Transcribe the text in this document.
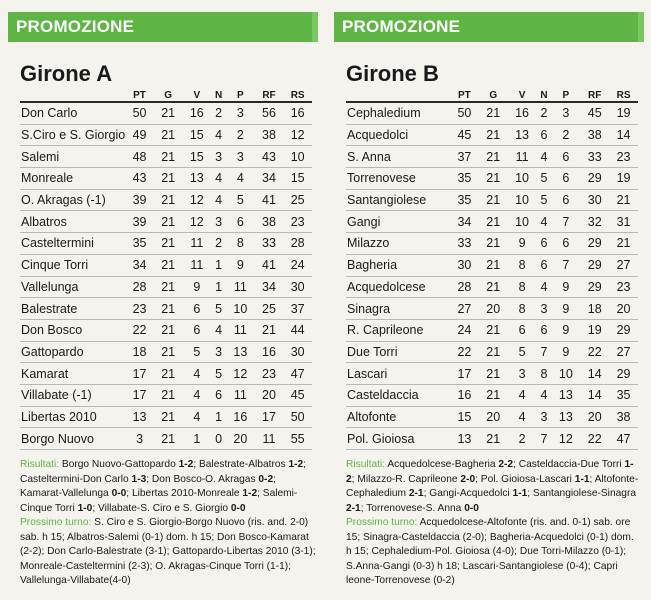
PROMOZIONE
Girone A
	PT	G	V	N	P	RF	RS
Don Carlo	50	21	16	2	3	56	16
S.Ciro e S. Giorgio	49	21	15	4	2	38	12
Salemi	48	21	15	3	3	43	10
Monreale	43	21	13	4	4	34	15
O. Akragas (-1)	39	21	12	4	5	41	25
Albatros	39	21	12	3	6	38	23
Casteltermini	35	21	11	2	8	33	28
Cinque Torri	34	21	11	1	9	41	24
Vallelunga	28	21	9	1	11	34	30
Balestrate	23	21	6	5	10	25	37
Don Bosco	22	21	6	4	11	21	44
Gattopardo	18	21	5	3	13	16	30
Kamarat	17	21	4	5	12	23	47
Villabate (-1)	17	21	4	6	11	20	45
Libertas 2010	13	21	4	1	16	17	50
Borgo Nuovo	3	21	1	0	20	11	55
Risultati: Borgo Nuovo-Gattopardo 1-2; Balestrate-Albatros 1-2; Casteltermini-Don Carlo 1-3; Don Bosco-O. Akragas 0-2; Kamarat-Vallelunga 0-0; Libertas 2010-Monreale 1-2; Salemi-Cinque Torri 1-0; Villabate-S. Ciro e S. Giorgio 0-0
Prossimo turno: S. Ciro e S. Giorgio-Borgo Nuovo (ris. and. 2-0) sab. h 15; Albatros-Salemi (0-1) dom. h 15; Don Bosco-Kamarat (2-2); Don Carlo-Balestrate (3-1); Gattopardo-Libertas 2010 (3-1); Monreale-Casteltermini (2-3); O. Akragas-Cinque Torri (1-1); Vallelunga-Villabate(4-0)
PROMOZIONE
Girone B
	PT	G	V	N	P	RF	RS
Cephaledium	50	21	16	2	3	45	19
Acquedolci	45	21	13	6	2	38	14
S. Anna	37	21	11	4	6	33	23
Torrenovese	35	21	10	5	6	29	19
Santangiolese	35	21	10	5	6	30	21
Gangi	34	21	10	4	7	32	31
Milazzo	33	21	9	6	6	29	21
Bagheria	30	21	8	6	7	29	27
Acquedolcese	28	21	8	4	9	29	23
Sinagra	27	20	8	3	9	18	20
R. Caprileone	24	21	6	6	9	19	29
Due Torri	22	21	5	7	9	22	27
Lascari	17	21	3	8	10	14	29
Casteldaccia	16	21	4	4	13	14	35
Altofonte	15	20	4	3	13	20	38
Pol. Gioiosa	13	21	2	7	12	22	47
Risultati: Acquedolcese-Bagheria 2-2; Casteldaccia-Due Torri 1-2; Milazzo-R. Caprileone 2-0; Pol. Gioiosa-Lascari 1-1; Altofonte-Cephaledium 2-1; Gangi-Acquedolci 1-1; Santangiolese-Sinagra 2-1; Torrenovese-S. Anna 0-0
Prossimo turno: Acquedolcese-Altofonte (ris. and. 0-1) sab. ore 15; Sinagra-Casteldaccia (2-0); Bagheria-Acquedolci (0-1) dom. h 15; Cephaledium-Pol. Gioiosa (4-0); Due Torri-Milazzo (0-1); S.Anna-Gangi (0-3) h 18; Lascari-Santangiolese (0-4); Capri leone-Torrenovese (0-2)
